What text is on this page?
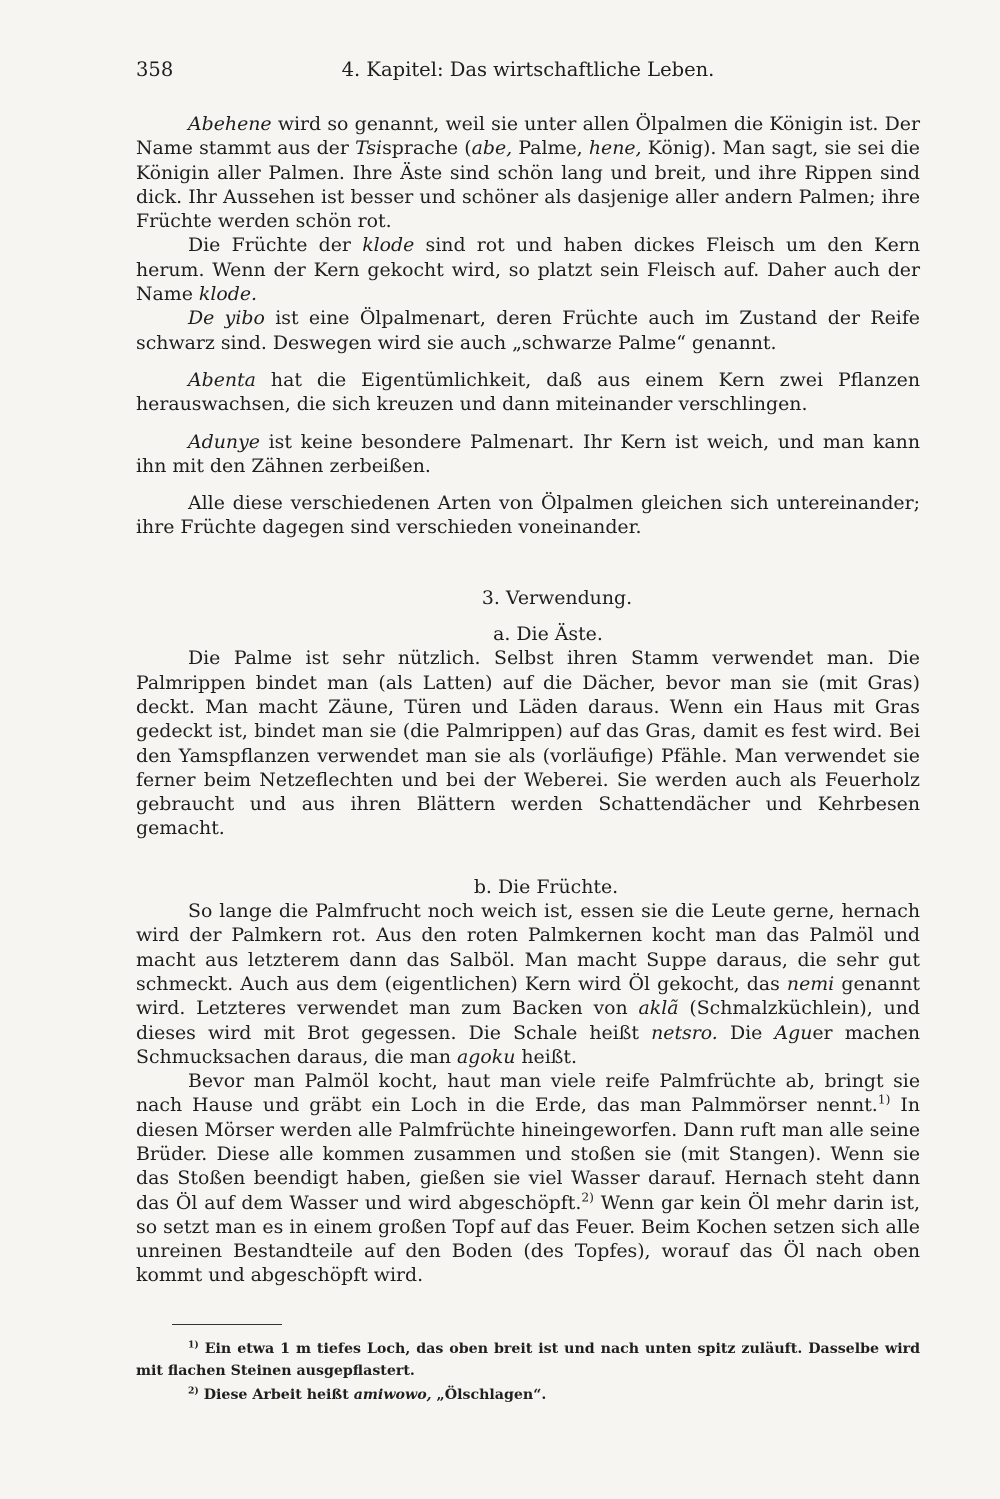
358	4. Kapitel: Das wirtschaftliche Leben.

Abehene wird so genannt, weil sie unter allen Ölpalmen die Königin ist. Der Name stammt aus der Tsisprache (abe, Palme, hene, König). Man sagt, sie sei die Königin aller Palmen. Ihre Äste sind schön lang und breit, und ihre Rippen sind dick. Ihr Aussehen ist besser und schöner als dasjenige aller andern Palmen; ihre Früchte werden schön rot.

Die Früchte der klode sind rot und haben dickes Fleisch um den Kern herum. Wenn der Kern gekocht wird, so platzt sein Fleisch auf. Daher auch der Name klode.

De yibo ist eine Ölpalmenart, deren Früchte auch im Zustand der Reife schwarz sind. Deswegen wird sie auch „schwarze Palme“ genannt.

Abenta hat die Eigentümlichkeit, daß aus einem Kern zwei Pflanzen herauswachsen, die sich kreuzen und dann miteinander verschlingen.

Adunye ist keine besondere Palmenart. Ihr Kern ist weich, und man kann ihn mit den Zähnen zerbeißen.

Alle diese verschiedenen Arten von Ölpalmen gleichen sich untereinander; ihre Früchte dagegen sind verschieden voneinander.

3. Verwendung.
a. Die Äste.

Die Palme ist sehr nützlich. Selbst ihren Stamm verwendet man. Die Palmrippen bindet man (als Latten) auf die Dächer, bevor man sie (mit Gras) deckt. Man macht Zäune, Türen und Läden daraus. Wenn ein Haus mit Gras gedeckt ist, bindet man sie (die Palmrippen) auf das Gras, damit es fest wird. Bei den Yamspflanzen verwendet man sie als (vorläufige) Pfähle. Man verwendet sie ferner beim Netzeflechten und bei der Weberei. Sie werden auch als Feuerholz gebraucht und aus ihren Blättern werden Schattendächer und Kehrbesen gemacht.

b. Die Früchte.

So lange die Palmfrucht noch weich ist, essen sie die Leute gerne, hernach wird der Palmkern rot. Aus den roten Palmkernen kocht man das Palmöl und macht aus letzterem dann das Salböl. Man macht Suppe daraus, die sehr gut schmeckt. Auch aus dem (eigentlichen) Kern wird Öl gekocht, das nemi genannt wird. Letzteres verwendet man zum Backen von aklã (Schmalzküchlein), und dieses wird mit Brot gegessen. Die Schale heißt netsro. Die Aguer machen Schmucksachen daraus, die man agoku heißt.

Bevor man Palmöl kocht, haut man viele reife Palmfrüchte ab, bringt sie nach Hause und gräbt ein Loch in die Erde, das man Palmmörser nennt.$^{1)}$ In diesen Mörser werden alle Palmfrüchte hineingeworfen. Dann ruft man alle seine Brüder. Diese alle kommen zusammen und stoßen sie (mit Stangen). Wenn sie das Stoßen beendigt haben, gießen sie viel Wasser darauf. Hernach steht dann das Öl auf dem Wasser und wird abgeschöpft.$^{2)}$ Wenn gar kein Öl mehr darin ist, so setzt man es in einem großen Topf auf das Feuer. Beim Kochen setzen sich alle unreinen Bestandteile auf den Boden (des Topfes), worauf das Öl nach oben kommt und abgeschöpft wird.

$^{1)}$ Ein etwa 1 m tiefes Loch, das oben breit ist und nach unten spitz zuläuft. Dasselbe wird mit flachen Steinen ausgepflastert.

$^{2)}$ Diese Arbeit heißt amiwowo, „Ölschlagen“.
